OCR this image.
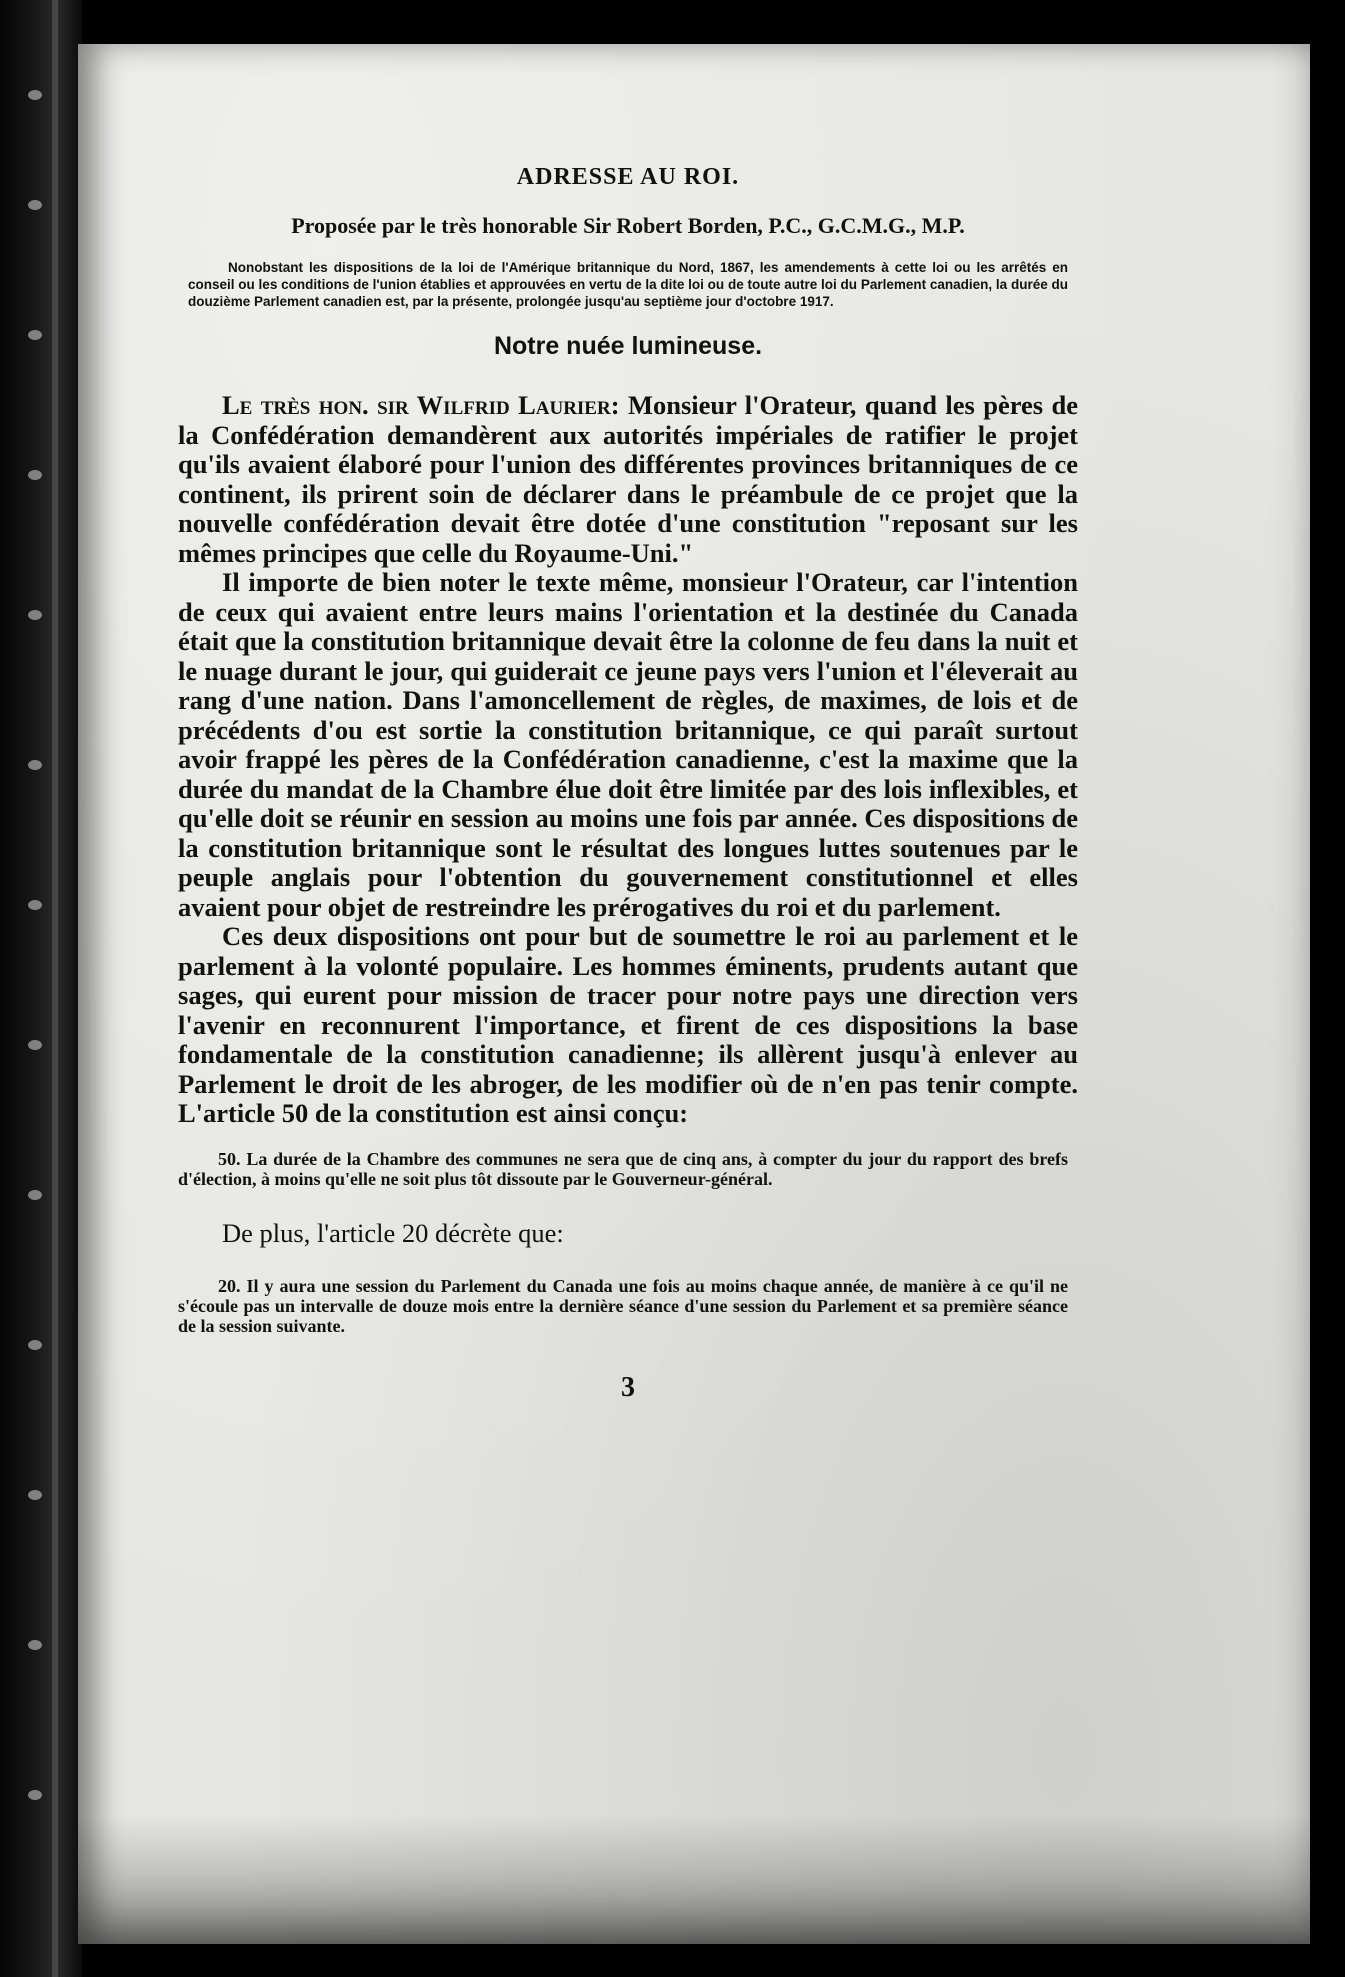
ADRESSE AU ROI.

Proposée par le très honorable Sir Robert Borden, P.C., G.C.M.G., M.P.

Nonobstant les dispositions de la loi de l'Amérique britannique du Nord, 1867, les amendements à cette loi ou les arrêtés en conseil ou les conditions de l'union établies et approuvées en vertu de la dite loi ou de toute autre loi du Parlement canadien, la durée du douzième Parlement canadien est, par la présente, prolongée jusqu'au septième jour d'octobre 1917.

Notre nuée lumineuse.

Le très hon. sir Wilfrid Laurier: Monsieur l'Orateur, quand les pères de la Confédération demandèrent aux autorités impériales de ratifier le projet qu'ils avaient élaboré pour l'union des différentes provinces britanniques de ce continent, ils prirent soin de déclarer dans le préambule de ce projet que la nouvelle confédération devait être dotée d'une constitution "reposant sur les mêmes principes que celle du Royaume-Uni."

Il importe de bien noter le texte même, monsieur l'Orateur, car l'intention de ceux qui avaient entre leurs mains l'orientation et la destinée du Canada était que la constitution britannique devait être la colonne de feu dans la nuit et le nuage durant le jour, qui guiderait ce jeune pays vers l'union et l'éleverait au rang d'une nation. Dans l'amoncellement de règles, de maximes, de lois et de précédents d'ou est sortie la constitution britannique, ce qui paraît surtout avoir frappé les pères de la Confédération canadienne, c'est la maxime que la durée du mandat de la Chambre élue doit être limitée par des lois inflexibles, et qu'elle doit se réunir en session au moins une fois par année. Ces dispositions de la constitution britannique sont le résultat des longues luttes soutenues par le peuple anglais pour l'obtention du gouvernement constitutionnel et elles avaient pour objet de restreindre les prérogatives du roi et du parlement.

Ces deux dispositions ont pour but de soumettre le roi au parlement et le parlement à la volonté populaire. Les hommes éminents, prudents autant que sages, qui eurent pour mission de tracer pour notre pays une direction vers l'avenir en reconnurent l'importance, et firent de ces dispositions la base fondamentale de la constitution canadienne; ils allèrent jusqu'à enlever au Parlement le droit de les abroger, de les modifier où de n'en pas tenir compte. L'article 50 de la constitution est ainsi conçu:

50. La durée de la Chambre des communes ne sera que de cinq ans, à compter du jour du rapport des brefs d'élection, à moins qu'elle ne soit plus tôt dissoute par le Gouverneur-général.

De plus, l'article 20 décrète que:

20. Il y aura une session du Parlement du Canada une fois au moins chaque année, de manière à ce qu'il ne s'écoule pas un intervalle de douze mois entre la dernière séance d'une session du Parlement et sa première séance de la session suivante.

3
